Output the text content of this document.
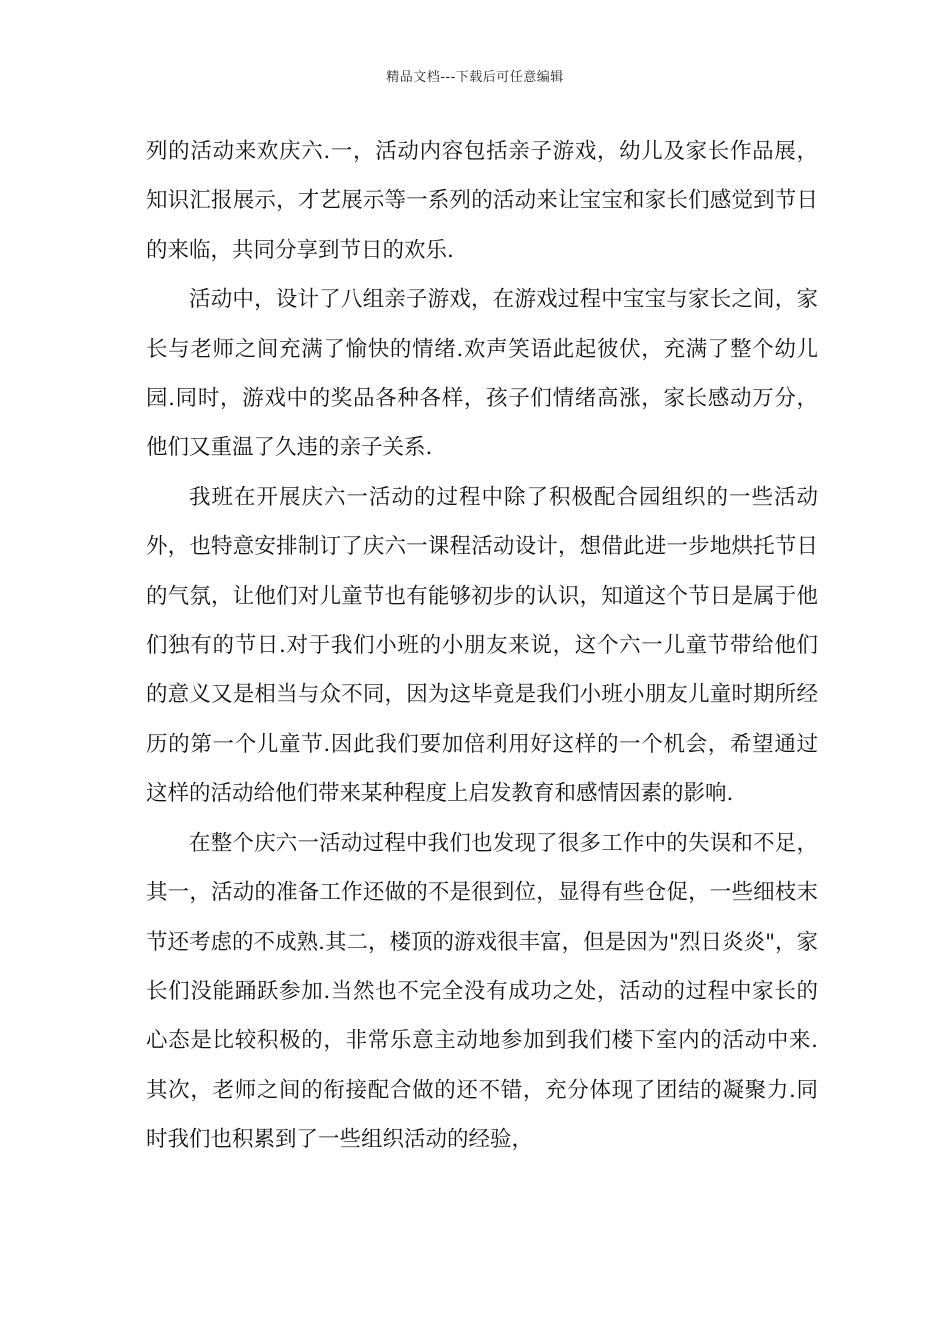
精品文档---下载后可任意编辑

列的活动来欢庆六.一，活动内容包括亲子游戏，幼儿及家长作品展，知识汇报展示，才艺展示等一系列的活动来让宝宝和家长们感觉到节日的来临，共同分享到节日的欢乐.

活动中，设计了八组亲子游戏，在游戏过程中宝宝与家长之间，家长与老师之间充满了愉快的情绪.欢声笑语此起彼伏，充满了整个幼儿园.同时，游戏中的奖品各种各样，孩子们情绪高涨，家长感动万分，他们又重温了久违的亲子关系.

我班在开展庆六一活动的过程中除了积极配合园组织的一些活动外，也特意安排制订了庆六一课程活动设计，想借此进一步地烘托节日的气氛，让他们对儿童节也有能够初步的认识，知道这个节日是属于他们独有的节日.对于我们小班的小朋友来说，这个六一儿童节带给他们的意义又是相当与众不同，因为这毕竟是我们小班小朋友儿童时期所经历的第一个儿童节.因此我们要加倍利用好这样的一个机会，希望通过这样的活动给他们带来某种程度上启发教育和感情因素的影响.

在整个庆六一活动过程中我们也发现了很多工作中的失误和不足，其一，活动的准备工作还做的不是很到位，显得有些仓促，一些细枝末节还考虑的不成熟.其二，楼顶的游戏很丰富，但是因为"烈日炎炎"，家长们没能踊跃参加.当然也不完全没有成功之处，活动的过程中家长的心态是比较积极的，非常乐意主动地参加到我们楼下室内的活动中来.其次，老师之间的衔接配合做的还不错，充分体现了团结的凝聚力.同时我们也积累到了一些组织活动的经验，
